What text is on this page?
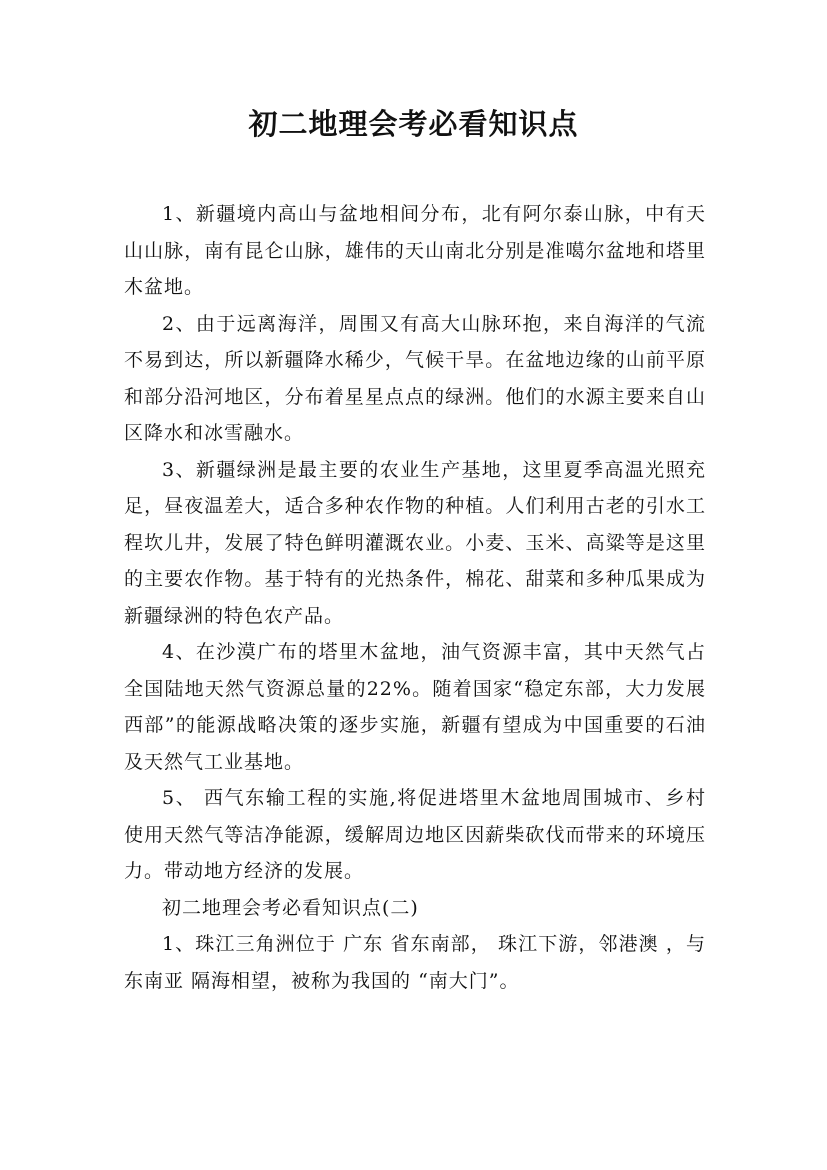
初二地理会考必看知识点

1、新疆境内高山与盆地相间分布，北有阿尔泰山脉，中有天山山脉，南有昆仑山脉，雄伟的天山南北分别是准噶尔盆地和塔里木盆地。

2、由于远离海洋，周围又有高大山脉环抱，来自海洋的气流不易到达，所以新疆降水稀少，气候干旱。在盆地边缘的山前平原和部分沿河地区，分布着星星点点的绿洲。他们的水源主要来自山区降水和冰雪融水。

3、新疆绿洲是最主要的农业生产基地，这里夏季高温光照充足，昼夜温差大，适合多种农作物的种植。人们利用古老的引水工程坎儿井，发展了特色鲜明灌溉农业。小麦、玉米、高粱等是这里的主要农作物。基于特有的光热条件，棉花、甜菜和多种瓜果成为新疆绿洲的特色农产品。

4、在沙漠广布的塔里木盆地，油气资源丰富，其中天然气占全国陆地天然气资源总量的22%。随着国家“稳定东部，大力发展西部”的能源战略决策的逐步实施，新疆有望成为中国重要的石油及天然气工业基地。

5、 西气东输工程的实施,将促进塔里木盆地周围城市、乡村使用天然气等洁净能源，缓解周边地区因薪柴砍伐而带来的环境压力。带动地方经济的发展。

初二地理会考必看知识点(二)

1、珠江三角洲位于 广东 省东南部， 珠江下游，邻港澳 ，与 东南亚 隔海相望，被称为我国的 “南大门”。
